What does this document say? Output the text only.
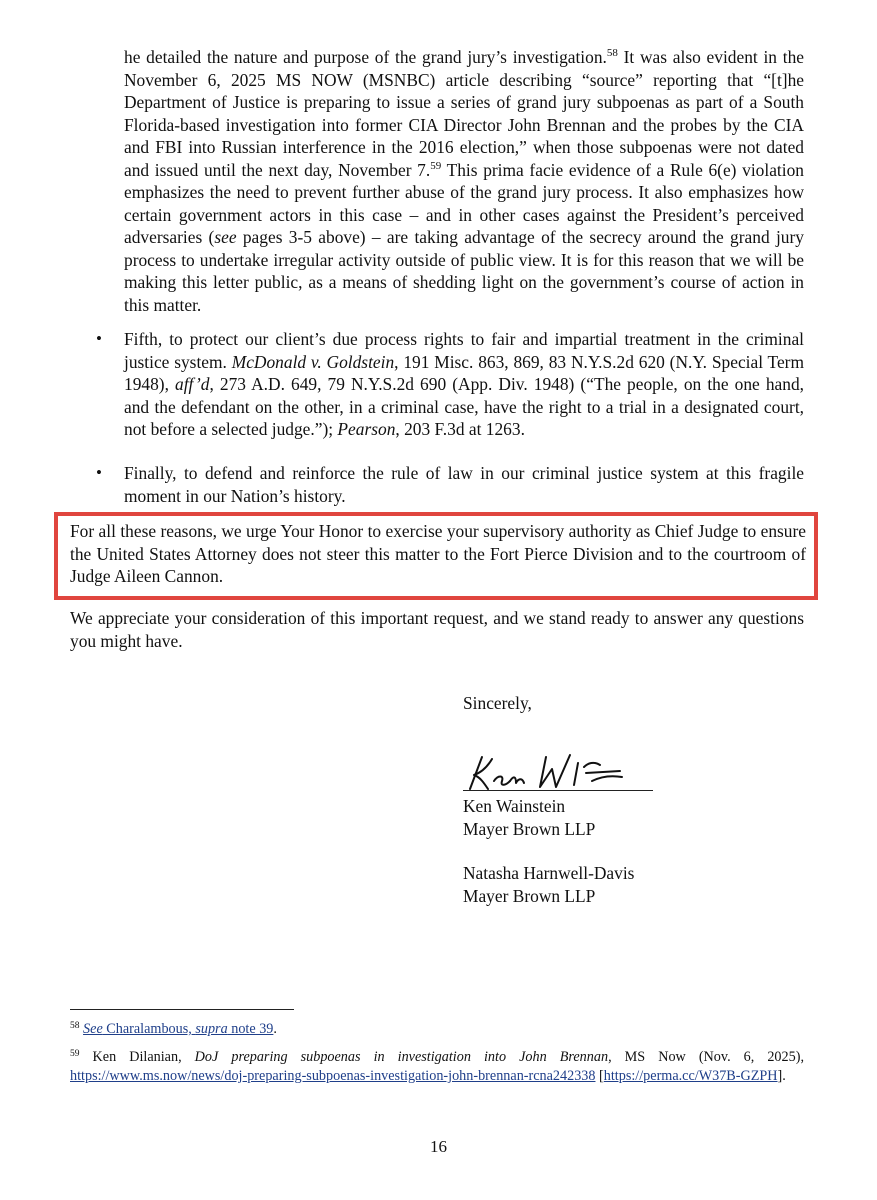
he detailed the nature and purpose of the grand jury’s investigation.$^{58}$ It was also evident in the November 6, 2025 MS NOW (MSNBC) article describing “source” reporting that “[t]he Department of Justice is preparing to issue a series of grand jury subpoenas as part of a South Florida-based investigation into former CIA Director John Brennan and the probes by the CIA and FBI into Russian interference in the 2016 election,” when those subpoenas were not dated and issued until the next day, November 7.59 This prima facie evidence of a Rule 6(e) violation emphasizes the need to prevent further abuse of the grand jury process. It also emphasizes how certain government actors in this case – and in other cases against the President’s perceived adversaries (see pages 3-5 above) – are taking advantage of the secrecy around the grand jury process to undertake irregular activity outside of public view. It is for this reason that we will be making this letter public, as a means of shedding light on the government’s course of action in this matter.

• Fifth, to protect our client’s due process rights to fair and impartial treatment in the criminal justice system. McDonald v. Goldstein, 191 Misc. 863, 869, 83 N.Y.S.2d 620 (N.Y. Special Term 1948), aff’d, 273 A.D. 649, 79 N.Y.S.2d 690 (App. Div. 1948) (“The people, on the one hand, and the defendant on the other, in a criminal case, have the right to a trial in a designated court, not before a selected judge.”); Pearson, 203 F.3d at 1263.
• Finally, to defend and reinforce the rule of law in our criminal justice system at this fragile moment in our Nation’s history.

For all these reasons, we urge Your Honor to exercise your supervisory authority as Chief Judge to ensure the United States Attorney does not steer this matter to the Fort Pierce Division and to the courtroom of Judge Aileen Cannon.

We appreciate your consideration of this important request, and we stand ready to answer any questions you might have.

Sincerely,
Ken Wainstein
Mayer Brown LLP
Natasha Harnwell-Davis
Mayer Brown LLP

$^{58}$ See Charalambous, supra note 39.

$^{59}$ Ken Dilanian, DoJ preparing subpoenas in investigation into John Brennan, MS Now (Nov. 6, 2025), https://www.ms.now/news/doj-preparing-subpoenas-investigation-john-brennan-rcna242338 [https://perma.cc/W37B-GZPH].

16
